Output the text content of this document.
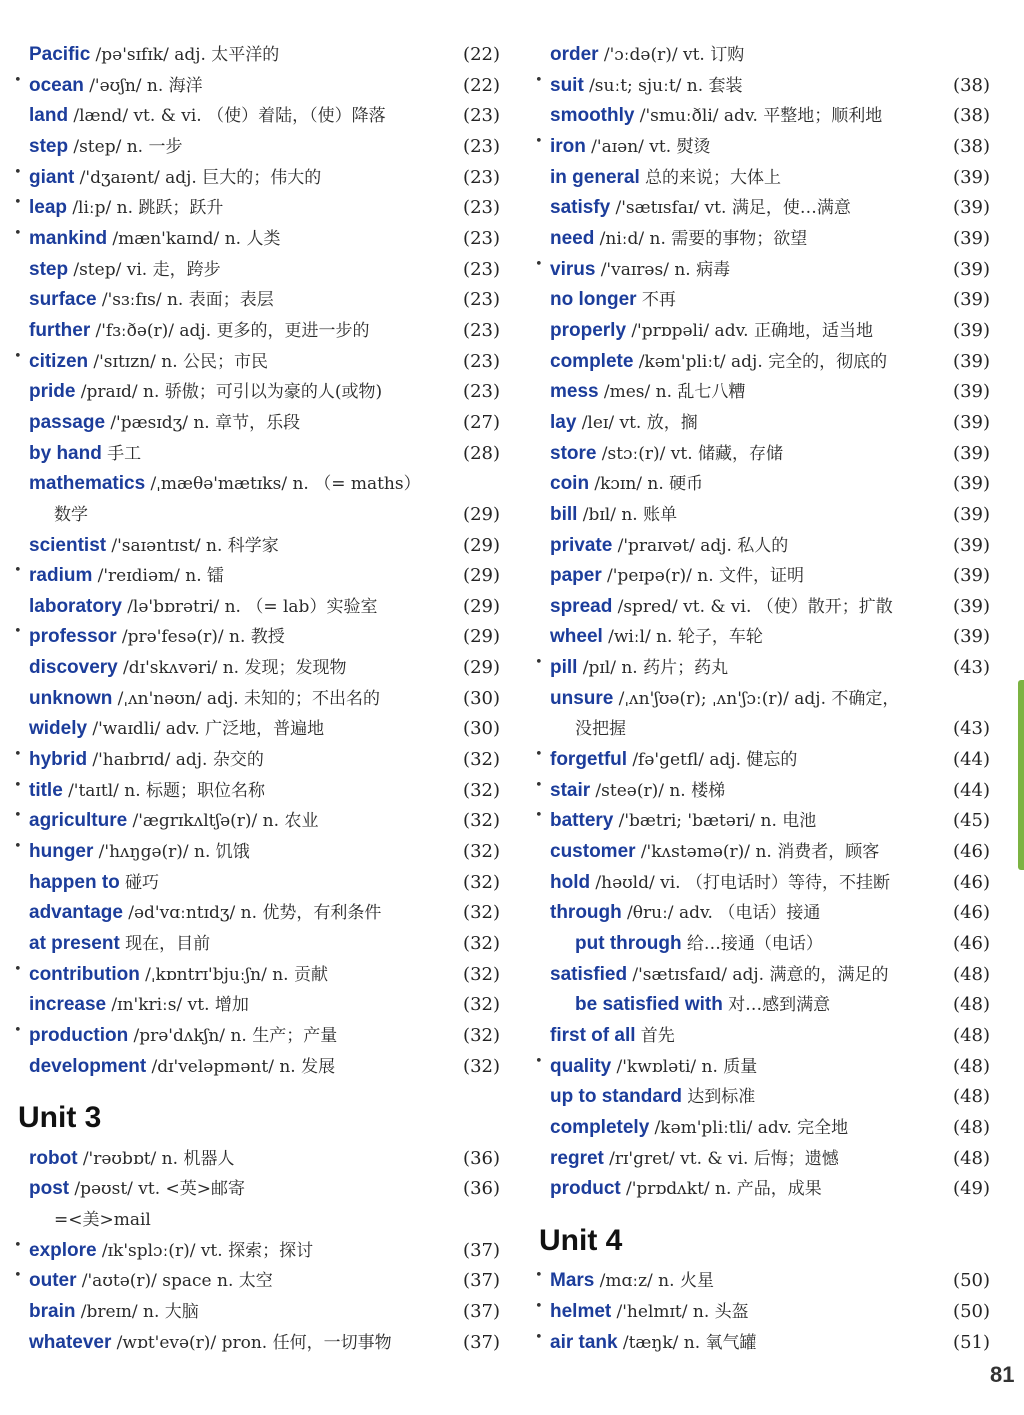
Pacific /pə'sɪfɪk/ adj. 太平洋的	(22)
• ocean /'əʊʃn/ n. 海洋	(22)
land /lænd/ vt. & vi. （使）着陆，（使）降落	(23)
step /step/ n. 一步	(23)
• giant /'dʒaɪənt/ adj. 巨大的；伟大的	(23)
• leap /liːp/ n. 跳跃；跃升	(23)
• mankind /mæn'kaɪnd/ n. 人类	(23)
step /step/ vi. 走，跨步	(23)
surface /'sɜːfɪs/ n. 表面；表层	(23)
further /'fɜːðə(r)/ adj. 更多的，更进一步的	(23)
• citizen /'sɪtɪzn/ n. 公民；市民	(23)
pride /praɪd/ n. 骄傲；可引以为豪的人(或物)	(23)
passage /'pæsɪdʒ/ n. 章节，乐段	(27)
by hand 手工	(28)
mathematics /ˌmæθə'mætɪks/ n. （= maths）
数学	(29)
scientist /'saɪəntɪst/ n. 科学家	(29)
• radium /'reɪdiəm/ n. 镭	(29)
laboratory /lə'bɒrətri/ n. （= lab）实验室	(29)
• professor /prə'fesə(r)/ n. 教授	(29)
discovery /dɪ'skʌvəri/ n. 发现；发现物	(29)
unknown /ˌʌn'nəʊn/ adj. 未知的；不出名的	(30)
widely /'waɪdli/ adv. 广泛地，普遍地	(30)
• hybrid /'haɪbrɪd/ adj. 杂交的	(32)
• title /'taɪtl/ n. 标题；职位名称	(32)
• agriculture /'ægrɪkʌltʃə(r)/ n. 农业	(32)
• hunger /'hʌŋgə(r)/ n. 饥饿	(32)
happen to 碰巧	(32)
advantage /əd'vɑːntɪdʒ/ n. 优势，有利条件	(32)
at present 现在，目前	(32)
• contribution /ˌkɒntrɪ'bjuːʃn/ n. 贡献	(32)
increase /ɪn'kriːs/ vt. 增加	(32)
• production /prə'dʌkʃn/ n. 生产；产量	(32)
development /dɪ'veləpmənt/ n. 发展	(32)
Unit 3
robot /'rəʊbɒt/ n. 机器人	(36)
post /pəʊst/ vt. <英>邮寄	(36)
=<美>mail
• explore /ɪk'splɔː(r)/ vt. 探索；探讨	(37)
• outer /'aʊtə(r)/ space n. 太空	(37)
brain /breɪn/ n. 大脑	(37)
whatever /wɒt'evə(r)/ pron. 任何，一切事物	(37)
order /'ɔːdə(r)/ vt. 订购
• suit /suːt; sjuːt/ n. 套装	(38)
smoothly /'smuːðli/ adv. 平整地；顺利地	(38)
• iron /'aɪən/ vt. 熨烫	(38)
in general 总的来说；大体上	(39)
satisfy /'sætɪsfaɪ/ vt. 满足，使…满意	(39)
need /niːd/ n. 需要的事物；欲望	(39)
• virus /'vaɪrəs/ n. 病毒	(39)
no longer 不再	(39)
properly /'prɒpəli/ adv. 正确地，适当地	(39)
complete /kəm'pliːt/ adj. 完全的，彻底的	(39)
mess /mes/ n. 乱七八糟	(39)
lay /leɪ/ vt. 放，搁	(39)
store /stɔː(r)/ vt. 储藏，存储	(39)
coin /kɔɪn/ n. 硬币	(39)
bill /bɪl/ n. 账单	(39)
private /'praɪvət/ adj. 私人的	(39)
paper /'peɪpə(r)/ n. 文件，证明	(39)
spread /spred/ vt. & vi. （使）散开；扩散	(39)
wheel /wiːl/ n. 轮子，车轮	(39)
• pill /pɪl/ n. 药片；药丸	(43)
unsure /ˌʌn'ʃʊə(r); ˌʌn'ʃɔː(r)/ adj. 不确定，
没把握	(43)
• forgetful /fə'getfl/ adj. 健忘的	(44)
• stair /steə(r)/ n. 楼梯	(44)
• battery /'bætri; 'bætəri/ n. 电池	(45)
customer /'kʌstəmə(r)/ n. 消费者，顾客	(46)
hold /həʊld/ vi. （打电话时）等待，不挂断	(46)
through /θruː/ adv. （电话）接通	(46)
put through 给…接通（电话）	(46)
satisfied /'sætɪsfaɪd/ adj. 满意的，满足的	(48)
be satisfied with 对…感到满意	(48)
first of all 首先	(48)
• quality /'kwɒləti/ n. 质量	(48)
up to standard 达到标准	(48)
completely /kəm'pliːtli/ adv. 完全地	(48)
regret /rɪ'gret/ vt. & vi. 后悔；遗憾	(48)
product /'prɒdʌkt/ n. 产品，成果	(49)
Unit 4
• Mars /mɑːz/ n. 火星	(50)
• helmet /'helmɪt/ n. 头盔	(50)
• air tank /tæŋk/ n. 氧气罐	(51)
81
